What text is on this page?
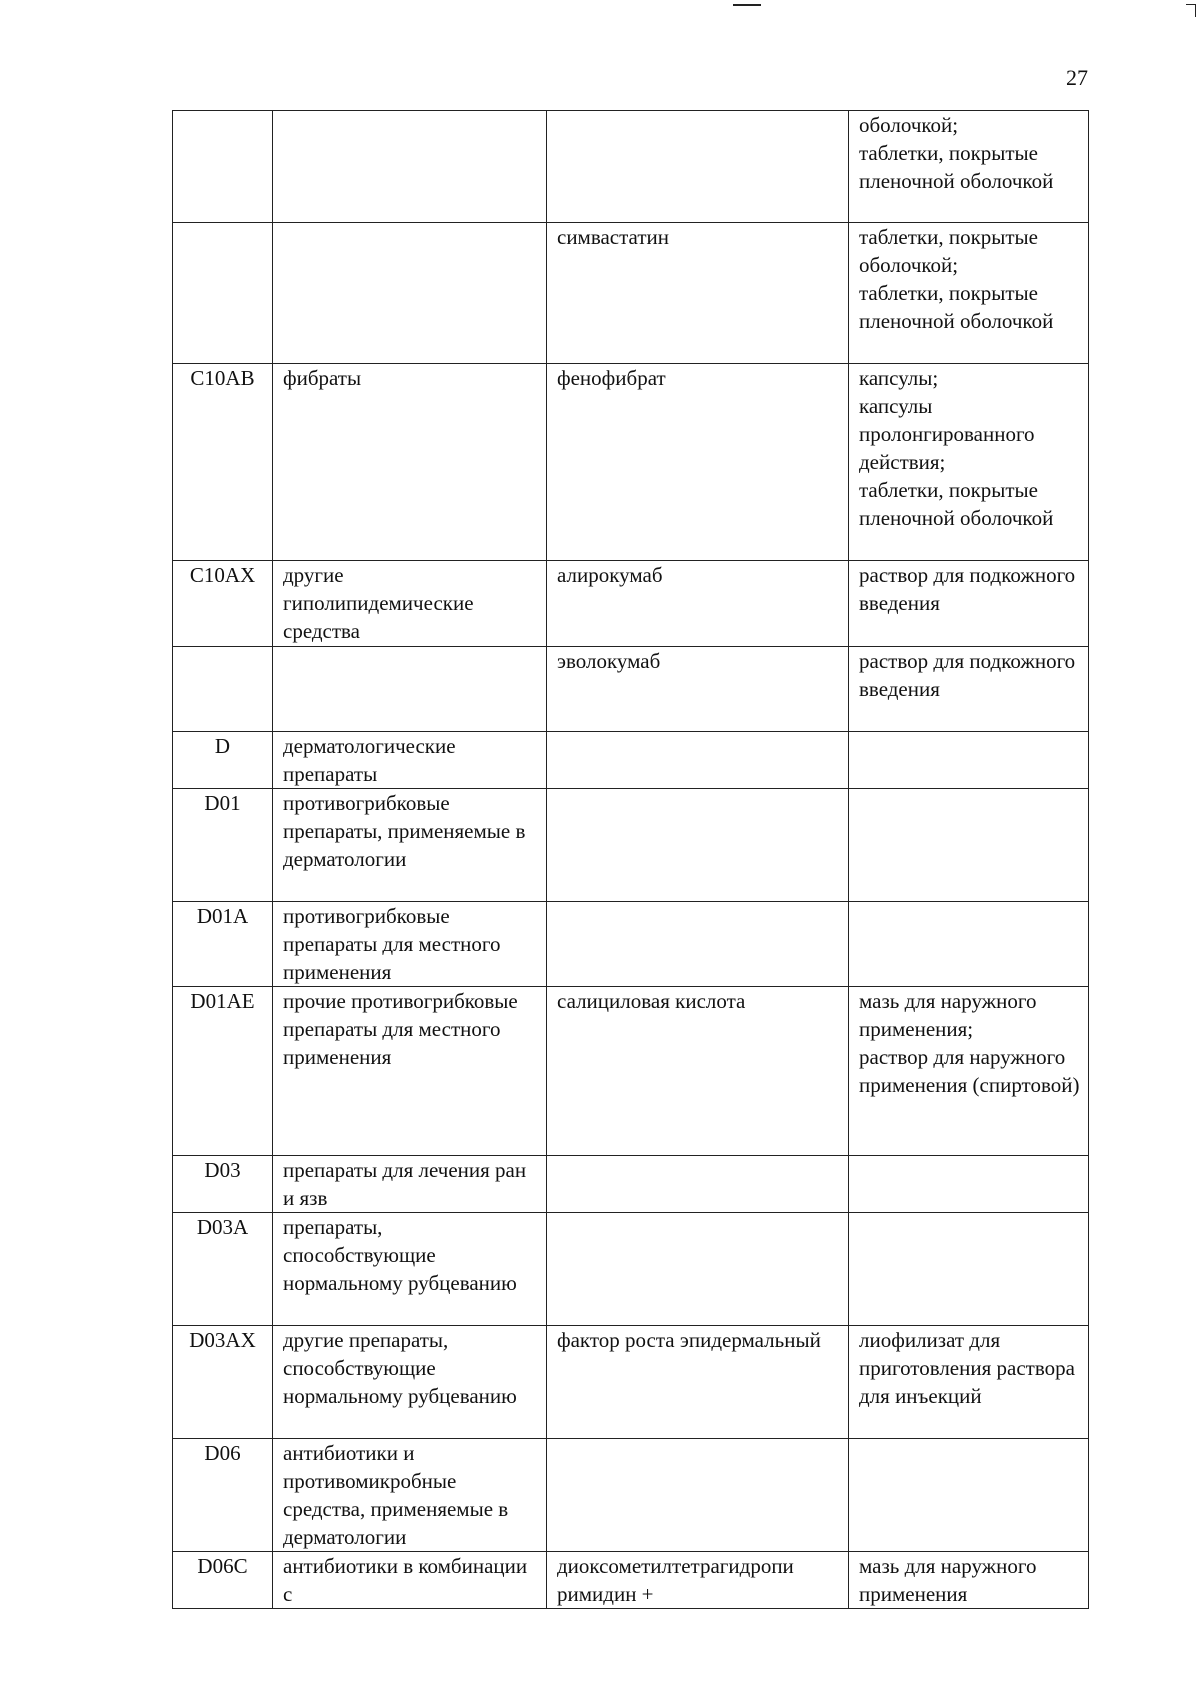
27
			оболочкой;
таблетки, покрытые пленочной оболочкой
		симвастатин	таблетки, покрытые оболочкой;
таблетки, покрытые пленочной оболочкой
C10AB	фибраты	фенофибрат	капсулы;
капсулы пролонгированного действия;
таблетки, покрытые пленочной оболочкой
C10AX	другие гиполипидемические средства	алирокумаб	раствор для подкожного введения
		эволокумаб	раствор для подкожного введения
D	дерматологические препараты		
D01	противогрибковые препараты, применяемые в дерматологии		
D01A	противогрибковые препараты для местного применения		
D01AE	прочие противогрибковые препараты для местного применения	салициловая кислота	мазь для наружного применения;
раствор для наружного применения (спиртовой)
D03	препараты для лечения ран и язв		
D03A	препараты, способствующие нормальному рубцеванию		
D03AX	другие препараты, способствующие нормальному рубцеванию	фактор роста эпидермальный	лиофилизат для приготовления раствора для инъекций
D06	антибиотики и противомикробные средства, применяемые в дерматологии		
D06C	антибиотики в комбинации с	диоксометилтетрагидропи римидин +	мазь для наружного применения
